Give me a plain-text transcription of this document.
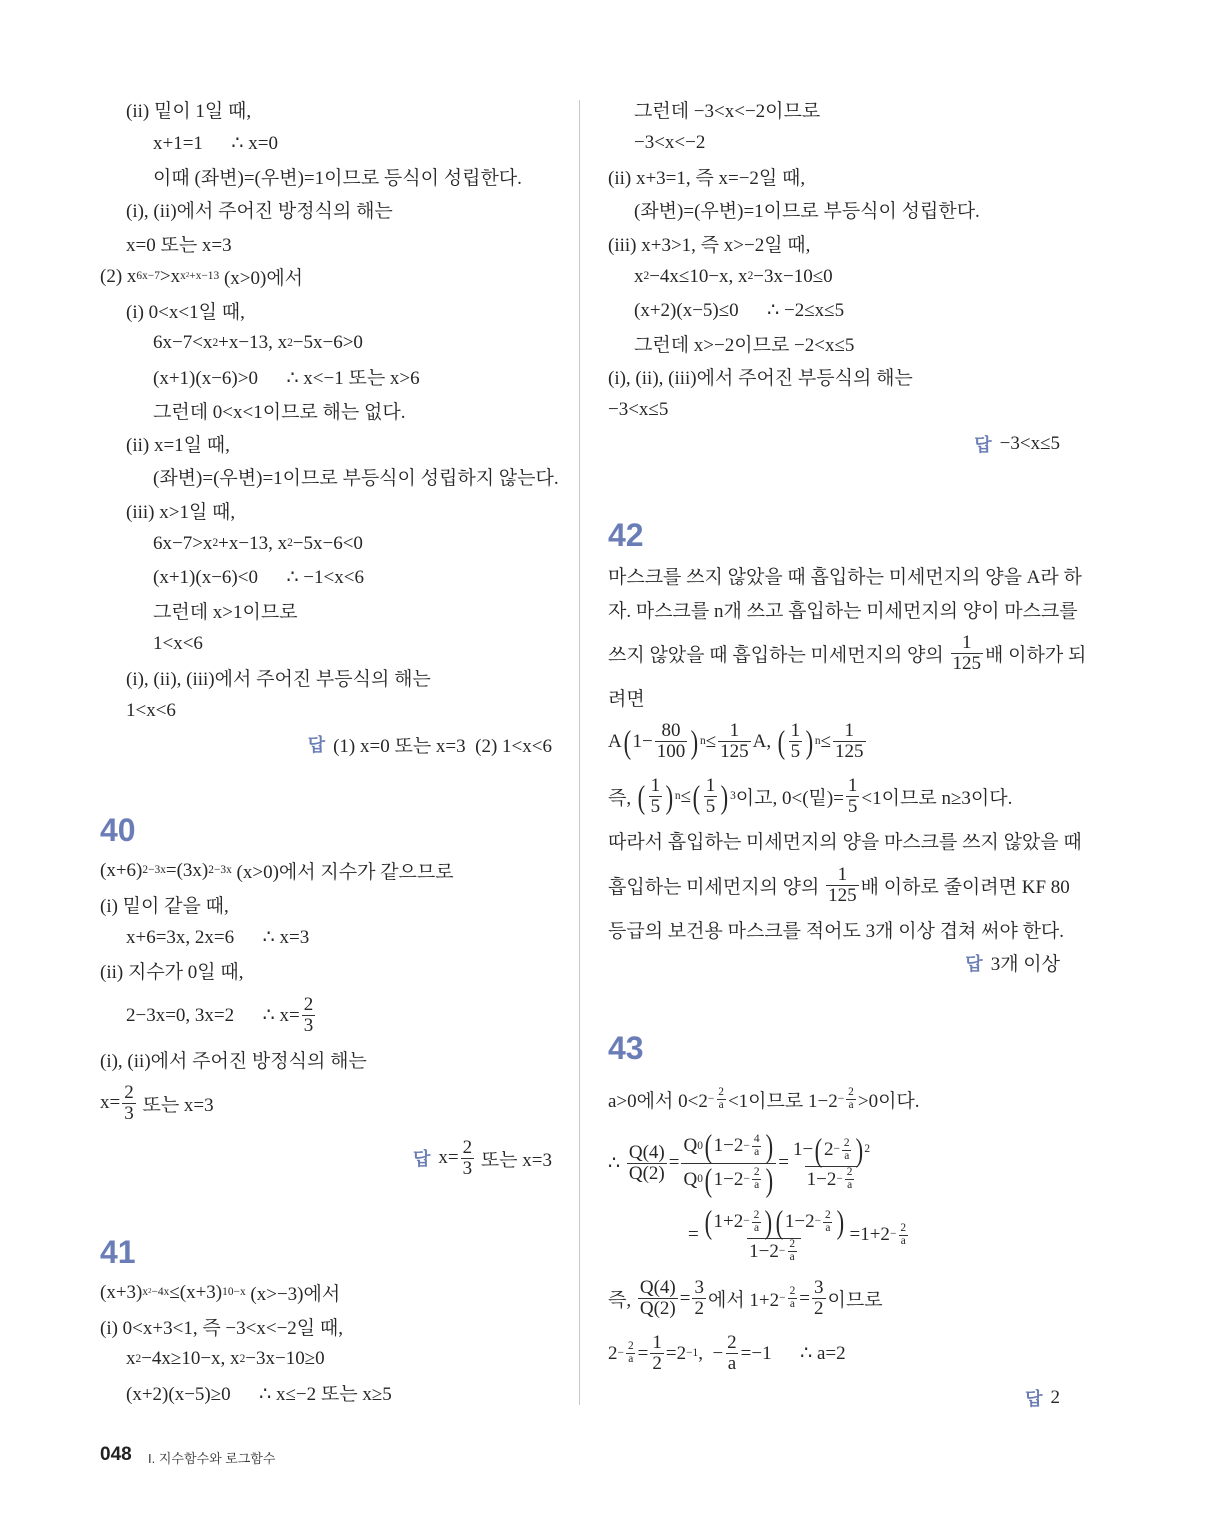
(ii) 밑이 1일 때,
x+1=1      ∴ x=0
이때 (좌변)=(우변)=1이므로 등식이 성립한다.
(i), (ii)에서 주어진 방정식의 해는
x=0 또는 x=3
(2) x 6x−7 >x x 2 +x−13 (x>0)에서
(i) 0<x<1일 때,
6x−7<x 2 +x−13, x 2 −5x−6>0
(x+1)(x−6)>0      ∴ x<−1 또는 x>6
그런데 0<x<1이므로 해는 없다.
(ii) x=1일 때,
(좌변)=(우변)=1이므로 부등식이 성립하지 않는다.
(iii) x>1일 때,
6x−7>x 2 +x−13, x 2 −5x−6<0
(x+1)(x−6)<0      ∴ −1<x<6
그런데 x>1이므로
1<x<6
(i), (ii), (iii)에서 주어진 부등식의 해는
1<x<6
답 (1) x=0 또는 x=3  (2) 1<x<6
40
(x+6) 2−3x =(3x) 2−3x (x>0)에서 지수가 같으므로
(i) 밑이 같을 때,
x+6=3x, 2x=6      ∴ x=3
(ii) 지수가 0일 때,
2−3x=0, 3x=2      ∴ $x= \frac{2}{3}$
(i), (ii)에서 주어진 방정식의 해는
$x= \frac{2}{3}$ 또는 x=3
답 $x= \frac{2}{3}$ 또는 x=3
41
(x+3) x 2 −4x ≤(x+3) 10−x (x>−3)에서
(i) 0<x+3<1, 즉 −3<x<−2일 때,
x 2 −4x≥10−x, x 2 −3x−10≥0
(x+2)(x−5)≥0      ∴ x≤−2 또는 x≥5
그런데 −3<x<−2이므로
−3<x<−2
(ii) x+3=1, 즉 x=−2일 때,
(좌변)=(우변)=1이므로 부등식이 성립한다.
(iii) x+3>1, 즉 x>−2일 때,
x 2 −4x≤10−x, x 2 −3x−10≤0
(x+2)(x−5)≤0      ∴ −2≤x≤5
그런데 x>−2이므로 −2<x≤5
(i), (ii), (iii)에서 주어진 부등식의 해는
−3<x≤5
답 −3<x≤5
42
마스크를 쓰지 않았을 때 흡입하는 미세먼지의 양을 A라 하
자. 마스크를 n개 쓰고 흡입하는 미세먼지의 양이 마스크를
쓰지 않았을 때 흡입하는 미세먼지의 양의 $\frac{1}{125}$ 배 이하가 되
려면
A ( $1- \frac{80}{100}$ ) $n \le \frac{1}{125} A$, ( $\frac{1}{5}$ ) $n \le \frac{1}{125}$
즉, ( $\frac{1}{5}$ ) n ≤ ( $\frac{1}{5}$ ) 3 이고, 0<(밑)= $\frac{1}{5} <1$이므로 n≥3이다.
따라서 흡입하는 미세먼지의 양을 마스크를 쓰지 않았을 때
흡입하는 미세먼지의 양의 $\frac{1}{125}$ 배 이하로 줄이려면 KF 80
등급의 보건용 마스크를 적어도 3개 이상 겹쳐 써야 한다.
답 3개 이상
43
a>0에서 $0<2 - \frac{2}{a} <1$이므로 $1-2 - \frac{2}{a} >0$이다.
∴ $\frac{Q(4)}{Q(2)} = \frac{Q 0 ( 1-2 - \frac{4}{a} )}{Q 0 ( 1-2 - \frac{2}{a} )} = \frac{1- ( 2 - \frac{2}{a} ) 2}{1-2 - \frac{2}{a}}$
= $\frac{( 1+2 - \frac{2}{a} ) ( 1-2 - \frac{2}{a} )}{1-2 - \frac{2}{a}} =1+2 - \frac{2}{a}$
즉, $\frac{Q(4)}{Q(2)} = \frac{3}{2}$ 에서 $1+2 - \frac{2}{a} = \frac{3}{2}$ 이므로
$2 - \frac{2}{a} = \frac{1}{2} =2 -1$ ,  − $\frac{2}{a} =-1$      ∴ a=2
답 2
048 I. 지수함수와 로그함수
